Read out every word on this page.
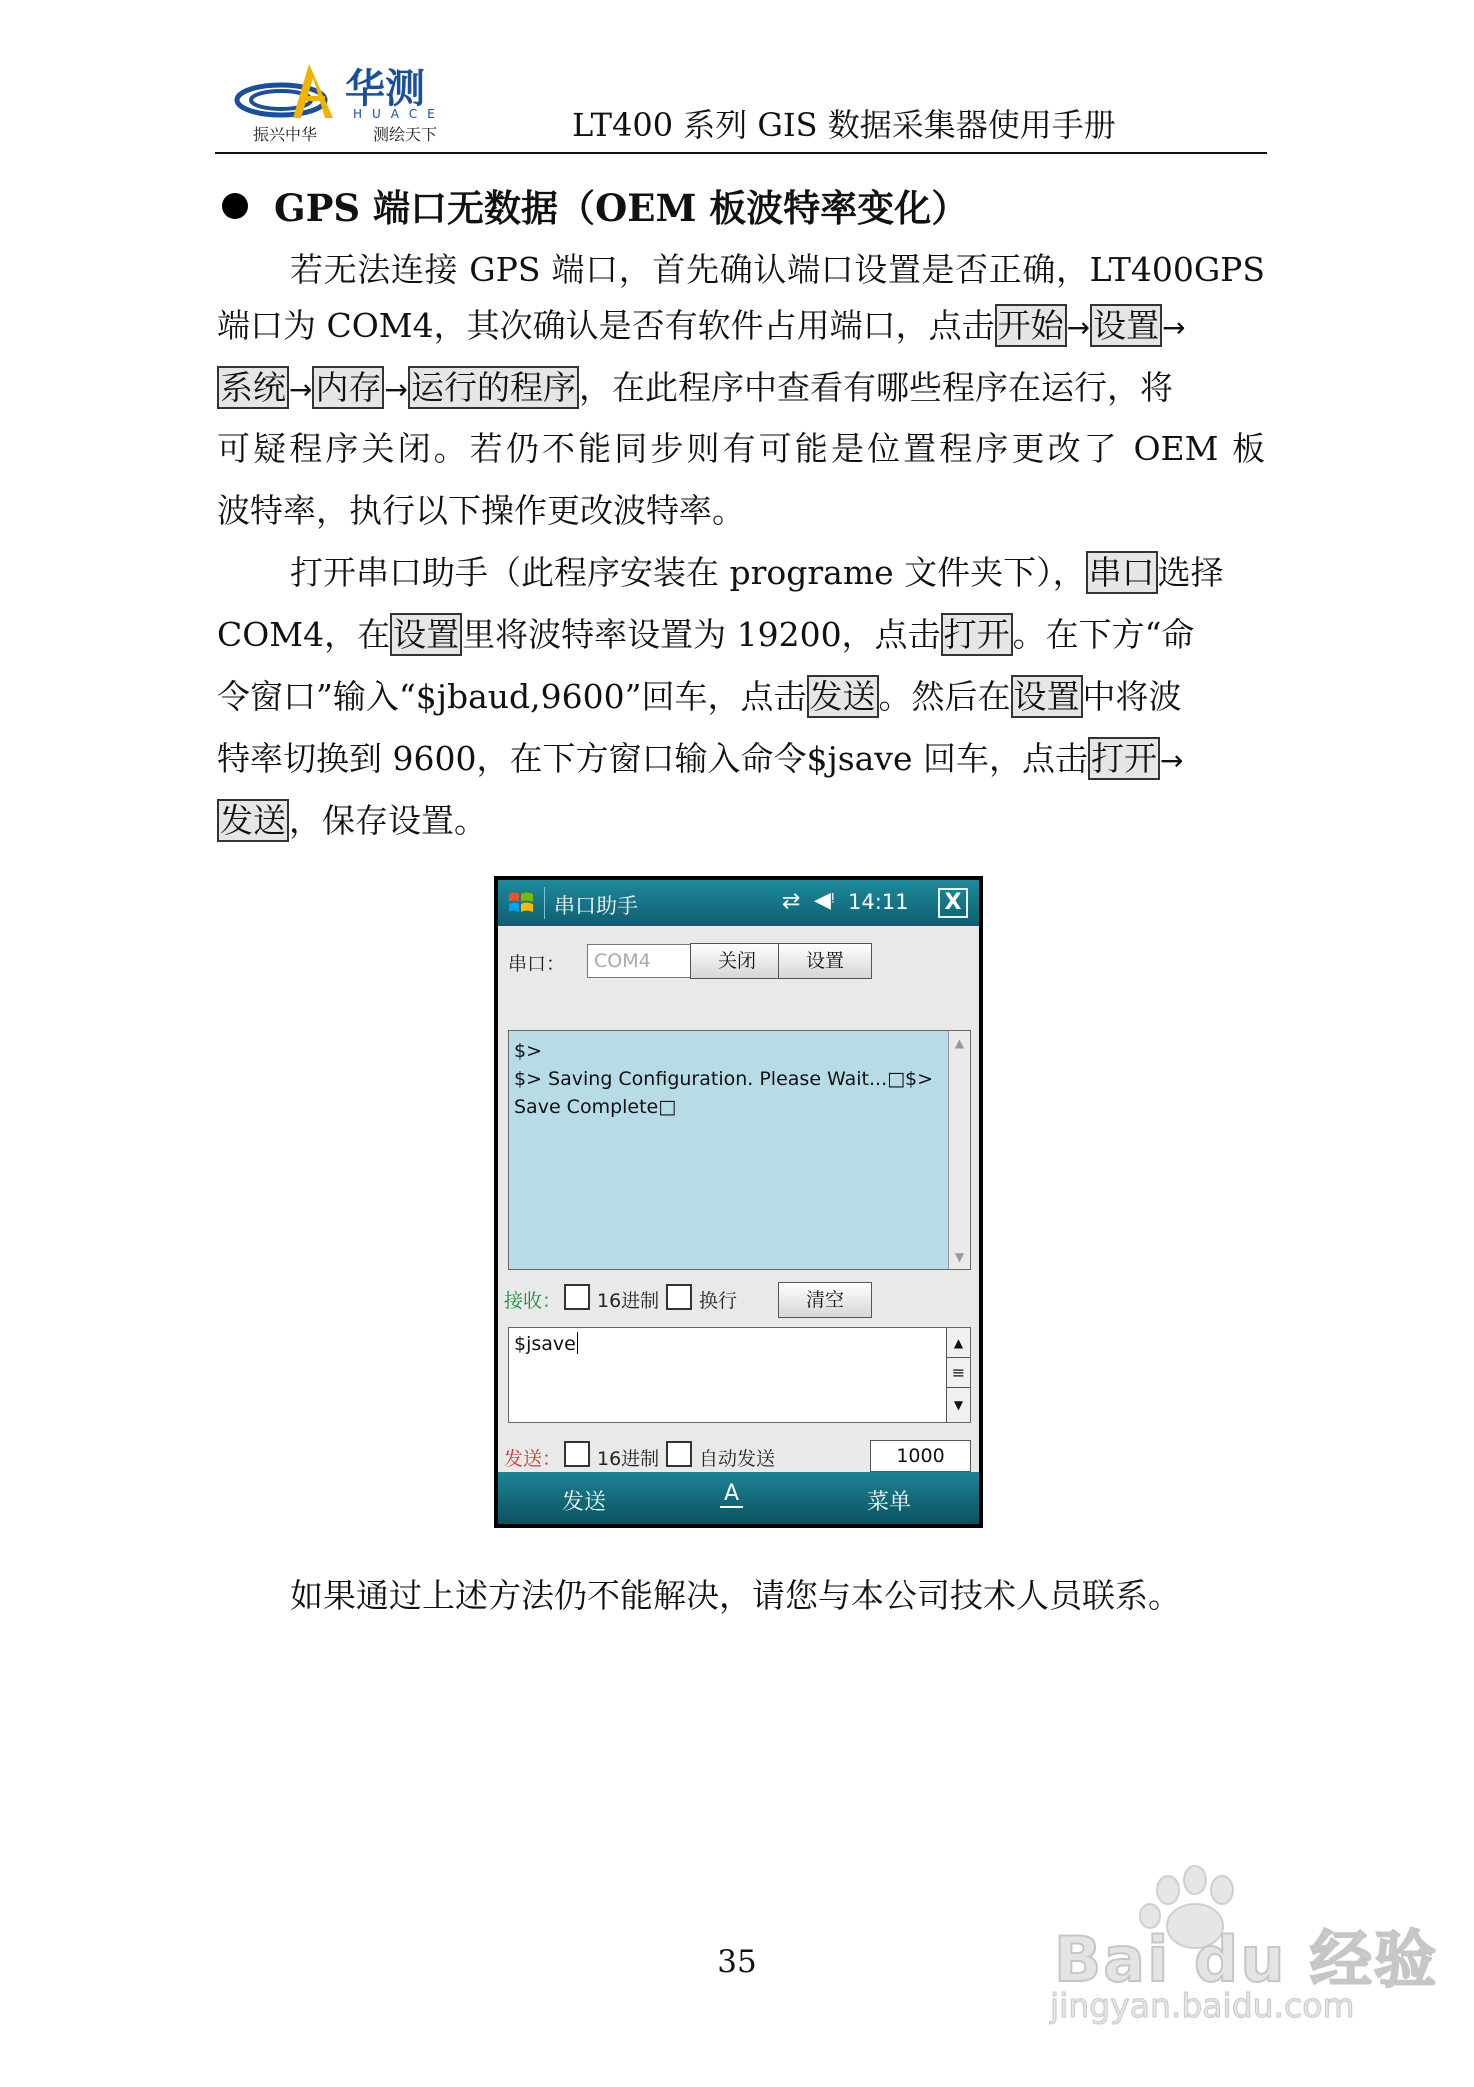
华测
HUACE
振兴中华	测绘天下	LT400 系列 GIS 数据采集器使用手册
GPS 端口无数据（OEM 板波特率变化）
若无法连接 GPS 端口，首先确认端口设置是否正确，LT400GPS
端口为 COM4，其次确认是否有软件占用端口，点击开始 →设置 →
系统 →内存 →运行的程序，在此程序中查看有哪些程序在运行，将
可疑程序关闭。若仍不能同步则有可能是位置程序更改了 OEM 板
波特率，执行以下操作更改波特率。
打开串口助手（此程序安装在 programe 文件夹下），串口选择
COM4，在设置里将波特率设置为 19200，点击打开。在下方“命
令窗口”输入“$jbaud,9600”回车，点击发送。然后在设置中将波
特率切换到 9600，在下方窗口输入命令$jsave 回车，点击打开 →
发送，保存设置。
串口助手	⇄ ◀ᵎ 14:11 X
串口：	COM4	关闭	设置
$>
$> Saving Configuration. Please Wait...□$> Save Complete□
▲
▼
接收： 16进制 换行	清空
$jsave	▲
≡
▼
发送： 16进制 自动发送	1000
发送	A	菜单
如果通过上述方法仍不能解决，请您与本公司技术人员联系。
35	Bai du 经验
jingyan.baidu.com
